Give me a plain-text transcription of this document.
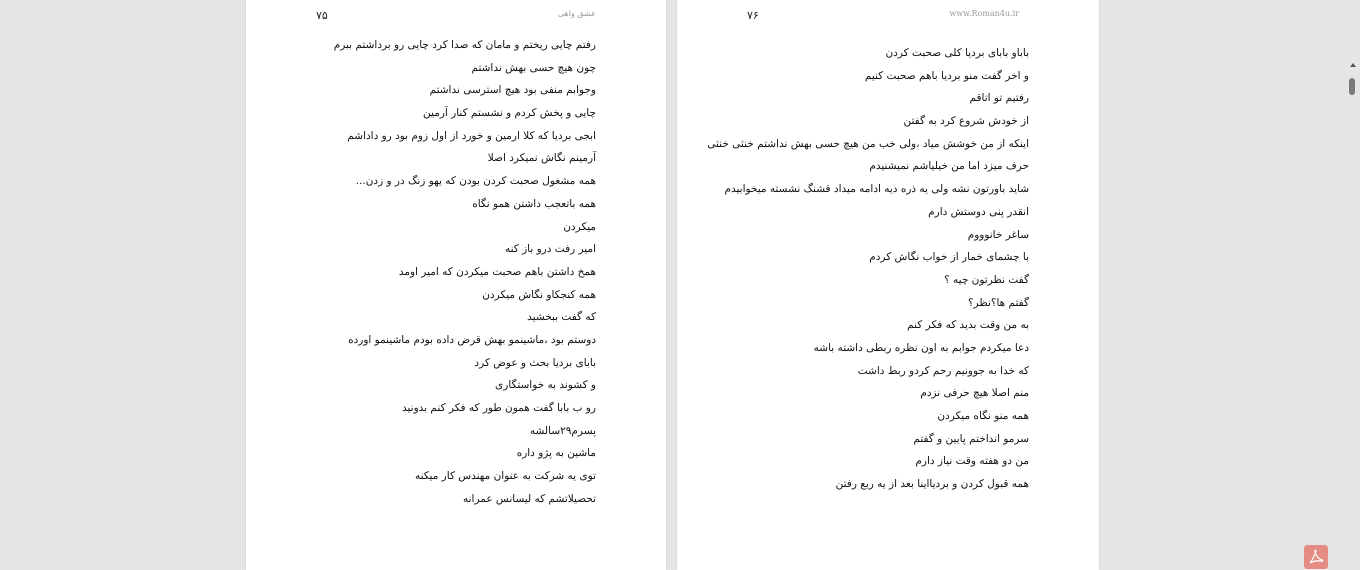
۷۵	عشق واهی
رفتم چایی ریختم و مامان که صدا کرد چایی رو برداشتم ببرم
چون هیچ حسی بهش نداشتم
وجوابم منفی بود هیچ استرسی نداشتم
چایی و پخش کردم و نشستم کنار آرمین
ابجی بردیا که کلا ارمین و خورد از اول زوم بود رو داداشم
آرمینم نگاش نمیکرد اصلا
همه مشغول صحبت کردن بودن که یهو زنگ در و زدن...
همه باتعجب داشتن همو نگاه
میکردن
امیر رفت درو باز کنه
همخ داشتن باهم صحبت میکردن که امیر اومد
همه کنجکاو نگاش میکردن
که گفت ببخشید
دوستم بود ،ماشینمو بهش قرض داده بودم ماشینمو اورده
بابای بردیا بحث و عوض کرد
و کشوند به خواستگاری
رو ب بابا گفت همون طور که فکر کنم بدونید
پسرم۲۹سالشه
ماشین به پژو داره
توی یه شرکت به عنوان مهندس کار میکنه
تحصیلاتشم که لیسانس عمرانه
۷۶	www.Roman4u.ir
باباو بابای بردیا کلی صحبت کردن
و اخر گفت منو بردیا باهم صحبت کنیم
رفتیم تو اتاقم
از خودش شروع کرد به گفتن
اینکه از من خوشش میاد ،ولی خب من هیچ حسی بهش نداشتم خنثی خنثی
حرف میزد اما من خیلیاشم نمیشنیدم
شاید باورتون نشه ولی یه ذره دیه ادامه میداد قشنگ نشسته میخوابیدم
انقدر پنی دوستش دارم
ساغر خانوووم
با چشمای خمار از خواب نگاش کردم
گفت نظرتون چیه ؟
گفتم ها؟نظر؟
به من وقت بدید که فکر کنم
دعا میکردم جوابم به اون نظره ربطی داشته باشه
که خدا به جوونیم رحم کردو ربط داشت
منم اصلا هیچ حرفی نزدم
همه منو نگاه میکردن
سرمو انداختم پایین و گفتم
من دو هفته وقت نیاز دارم
همه قبول کردن و بردیااینا بعد از یه ربع رفتن
